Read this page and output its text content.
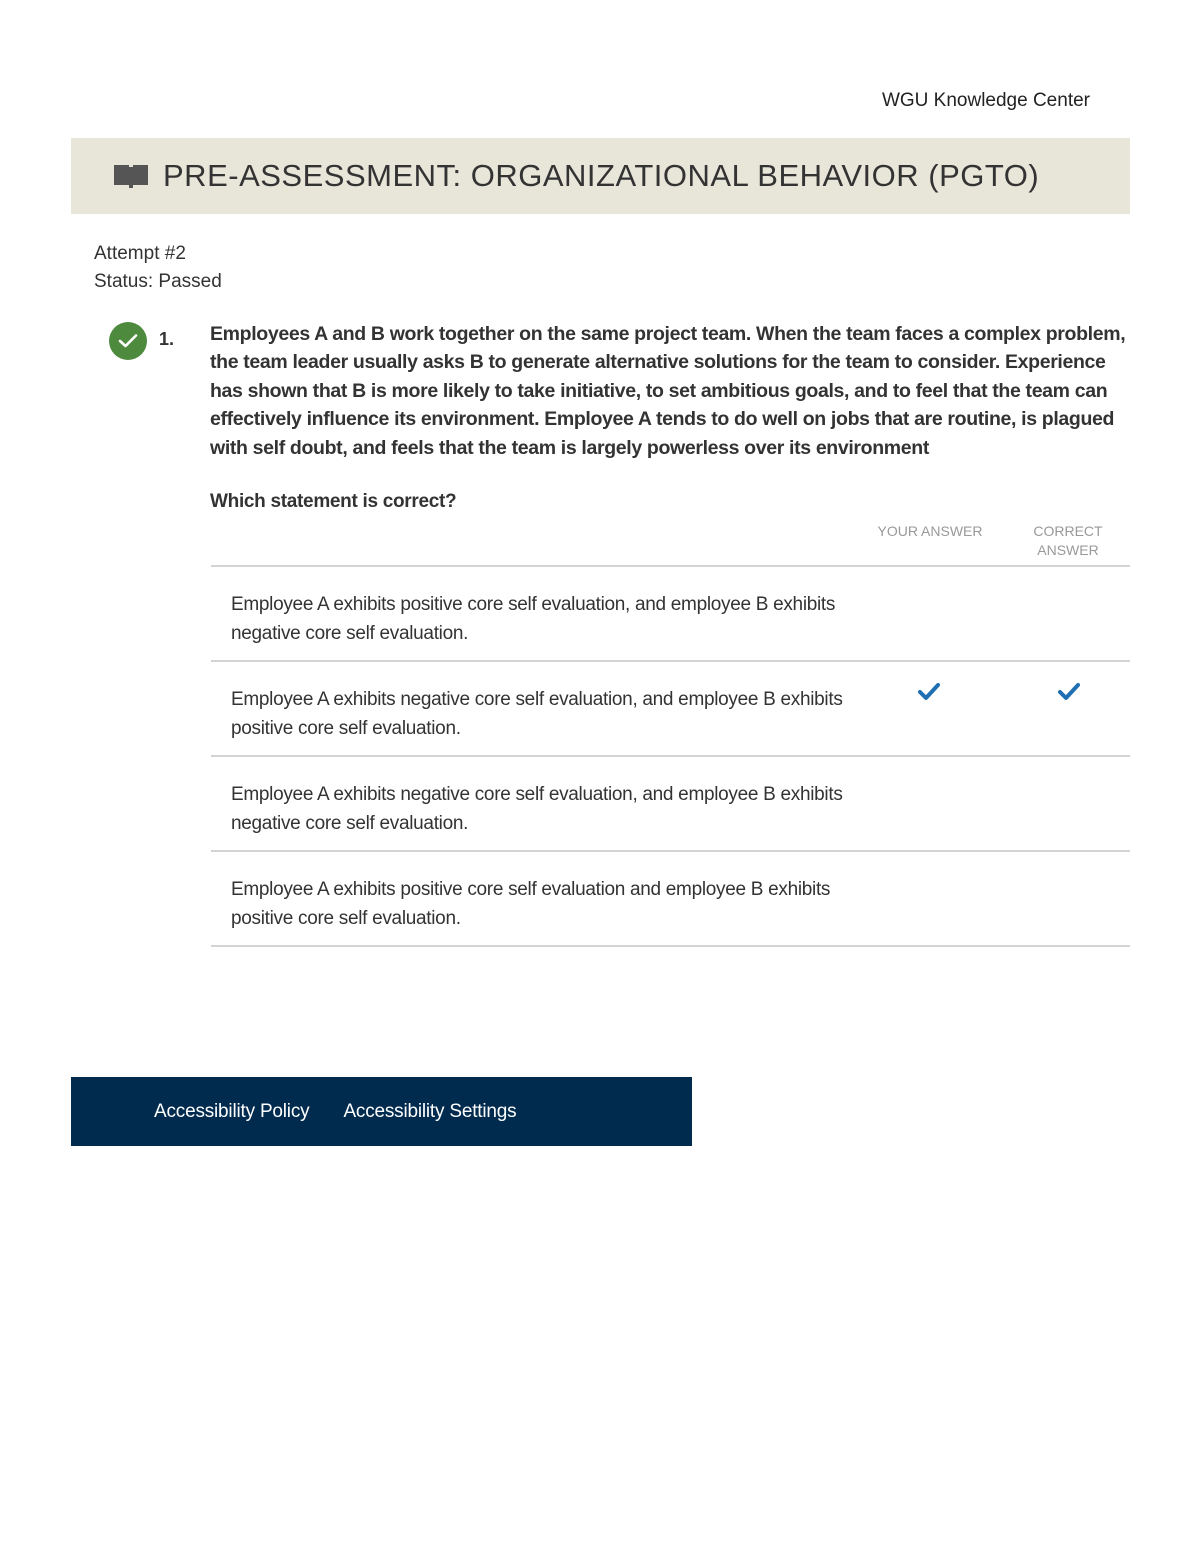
WGU Knowledge Center
PRE-ASSESSMENT: ORGANIZATIONAL BEHAVIOR (PGTO)
Attempt #2
Status: Passed
1. Employees A and B work together on the same project team. When the team faces a complex problem, the team leader usually asks B to generate alternative solutions for the team to consider. Experience has shown that B is more likely to take initiative, to set ambitious goals, and to feel that the team can effectively influence its environment. Employee A tends to do well on jobs that are routine, is plagued with self doubt, and feels that the team is largely powerless over its environment

Which statement is correct?
YOUR ANSWER	CORRECT ANSWER
Employee A exhibits positive core self evaluation, and employee B exhibits negative core self evaluation.
Employee A exhibits negative core self evaluation, and employee B exhibits positive core self evaluation.
Employee A exhibits negative core self evaluation, and employee B exhibits negative core self evaluation.
Employee A exhibits positive core self evaluation and employee B exhibits positive core self evaluation.
Accessibility Policy Accessibility Settings
